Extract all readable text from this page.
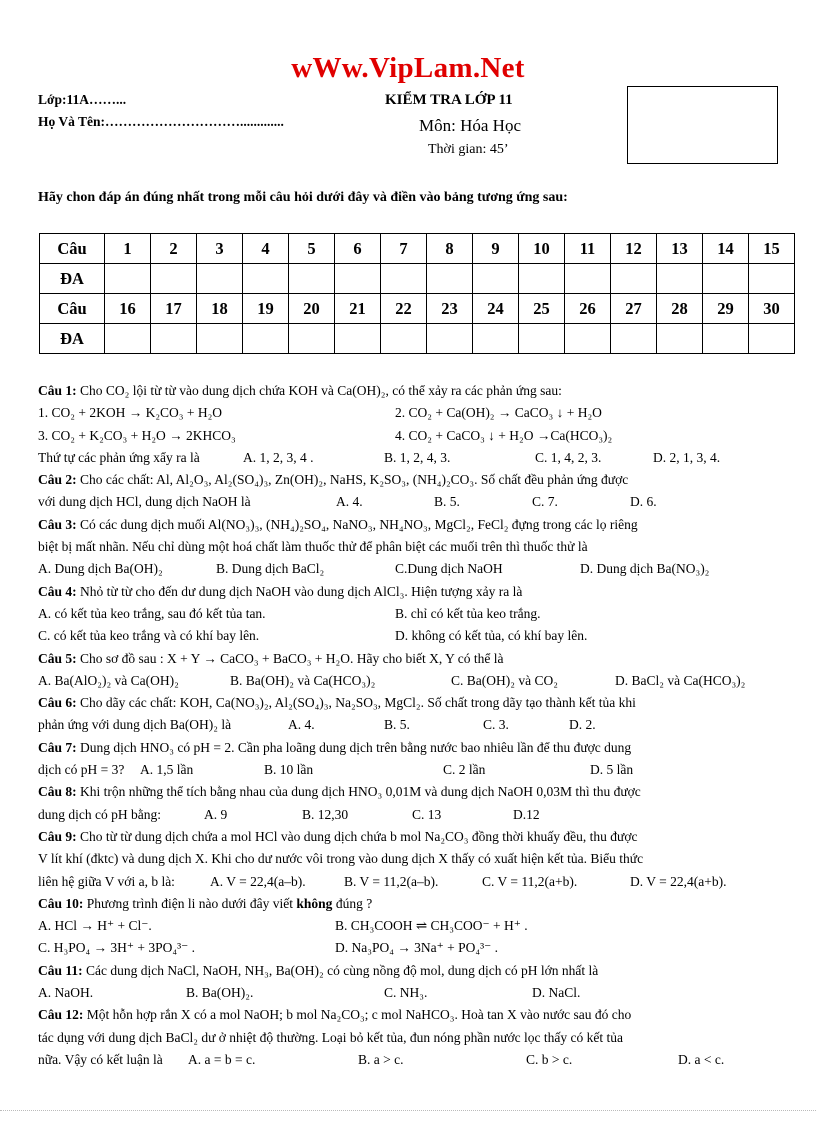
wWw.VipLam.Net
Lớp:11A……...
Họ Và Tên:………………………….............
KIỂM TRA LỚP 11
Môn: Hóa Học
Thời gian: 45’
Hãy chon đáp án đúng nhất trong mỗi câu hỏi dưới đây và điền vào bảng tương ứng sau:
Câu	1	2	3	4	5	6	7	8	9	10	11	12	13	14	15
ĐA															
Câu	16	17	18	19	20	21	22	23	24	25	26	27	28	29	30
ĐA															

Câu 1: Cho CO₂ lội từ từ vào dung dịch chứa KOH và Ca(OH)₂, có thể xảy ra các phản ứng sau:

1. CO₂ + 2KOH → K₂CO₃ + H₂O	2. CO₂ + Ca(OH)₂ → CaCO₃ ↓ + H₂O

3. CO₂ + K₂CO₃ + H₂O → 2KHCO₃	4. CO₂ + CaCO₃ ↓ + H₂O →Ca(HCO₃)₂

Thứ tự các phản ứng xẩy ra là	A. 1, 2, 3, 4 .	B. 1, 2, 4, 3.	C. 1, 4, 2, 3.	D. 2, 1, 3, 4.

Câu 2: Cho các chất: Al, Al₂O₃, Al₂(SO₄)₃, Zn(OH)₂, NaHS, K₂SO₃, (NH₄)₂CO₃. Số chất đều phản ứng được

với dung dịch HCl, dung dịch NaOH là	A. 4.	B. 5.	C. 7.	D. 6.

Câu 3: Có các dung dịch muối Al(NO₃)₃, (NH₄)₂SO₄, NaNO₃, NH₄NO₃, MgCl₂, FeCl₂ đựng trong các lọ riêng

biệt bị mất nhãn. Nếu chỉ dùng một hoá chất làm thuốc thử để phân biệt các muối trên thì thuốc thử là

A. Dung dịch Ba(OH)₂	B. Dung dịch BaCl₂	C.Dung dịch NaOH	D. Dung dịch Ba(NO₃)₂

Câu 4: Nhỏ từ từ cho đến dư dung dịch NaOH vào dung dịch AlCl₃. Hiện tượng xảy ra là

A. có kết tủa keo trắng, sau đó kết tủa tan.	B. chỉ có kết tủa keo trắng.

C. có kết tủa keo trắng và có khí bay lên.	D. không có kết tủa, có khí bay lên.

Câu 5: Cho sơ đồ sau : X + Y → CaCO₃ + BaCO₃ + H₂O. Hãy cho biết X, Y có thể là

A. Ba(AlO₂)₂ và Ca(OH)₂	B. Ba(OH)₂ và Ca(HCO₃)₂	C. Ba(OH)₂ và CO₂	D. BaCl₂ và Ca(HCO₃)₂

Câu 6: Cho dãy các chất: KOH, Ca(NO₃)₂, Al₂(SO₄)₃, Na₂SO₃, MgCl₂. Số chất trong dãy tạo thành kết tủa khi

phản ứng với dung dịch Ba(OH)₂ là	A. 4.	B. 5.	C. 3.	D. 2.

Câu 7: Dung dịch HNO₃ có pH = 2. Cần pha loãng dung dịch trên bằng nước bao nhiêu lần để thu được dung

dịch có pH = 3? A. 1,5 lần	B. 10 lần	C. 2 lần	D. 5 lần

Câu 8: Khi trộn những thể tích bằng nhau của dung dịch HNO₃ 0,01M và dung dịch NaOH 0,03M thì thu được

dung dịch có pH bằng:	A. 9	B. 12,30	C. 13	D.12

Câu 9: Cho từ từ dung dịch chứa a mol HCl vào dung dịch chứa b mol Na₂CO₃ đồng thời khuấy đều, thu được

V lít khí (đktc) và dung dịch X. Khi cho dư nước vôi trong vào dung dịch X thấy có xuất hiện kết tủa. Biểu thức

liên hệ giữa V với a, b là:	A. V = 22,4(a–b).	B. V = 11,2(a–b).	C. V = 11,2(a+b).	D. V = 22,4(a+b).

Câu 10: Phương trình điện li nào dưới đây viết không đúng ?

A. HCl → H⁺ + Cl⁻.	B. CH₃COOH ⇌ CH₃COO⁻ + H⁺ .

C. H₃PO₄ → 3H⁺ + 3PO₄³⁻ .	D. Na₃PO₄ → 3Na⁺ + PO₄³⁻ .

Câu 11: Các dung dịch NaCl, NaOH, NH₃, Ba(OH)₂ có cùng nồng độ mol, dung dịch có pH lớn nhất là

A. NaOH.	B. Ba(OH)₂.	C. NH₃.	D. NaCl.

Câu 12: Một hỗn hợp rắn X có a mol NaOH; b mol Na₂CO₃; c mol NaHCO₃. Hoà tan X vào nước sau đó cho

tác dụng với dung dịch BaCl₂ dư ở nhiệt độ thường. Loại bỏ kết tủa, đun nóng phần nước lọc thấy có kết tủa

nữa. Vậy có kết luận là A. a = b = c.	B. a > c.	C. b > c.	D. a < c.
